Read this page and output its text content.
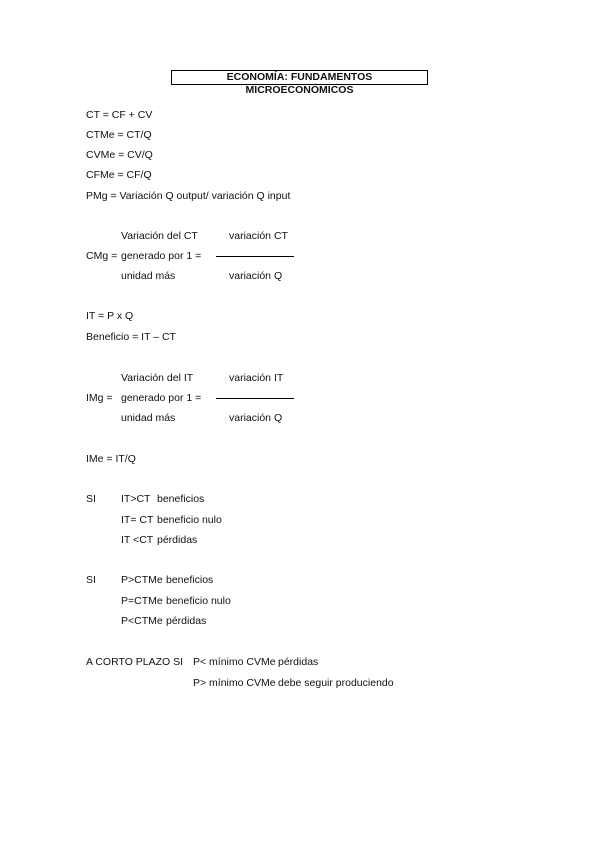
ECONOMÍA: FUNDAMENTOS MICROECONÓMICOS
CT = CF + CV
CTMe = CT/Q
CVMe = CV/Q
CFMe = CF/Q
PMg = Variación Q output/ variación Q input
Variación del CT	variación CT
CMg = generado por 1 =
unidad más	variación Q
IT = P x Q
Beneficio = IT – CT
Variación del IT	variación IT
IMg = generado por 1 =
unidad más	variación Q
IMe = IT/Q
SI IT>CT beneficios
IT= CT beneficio nulo
IT <CT pérdidas
SI P>CTMe beneficios
P=CTMe beneficio nulo
P<CTMe pérdidas
A CORTO PLAZO SI P< mínimo CVMe pérdidas
P> mínimo CVMe debe seguir produciendo
